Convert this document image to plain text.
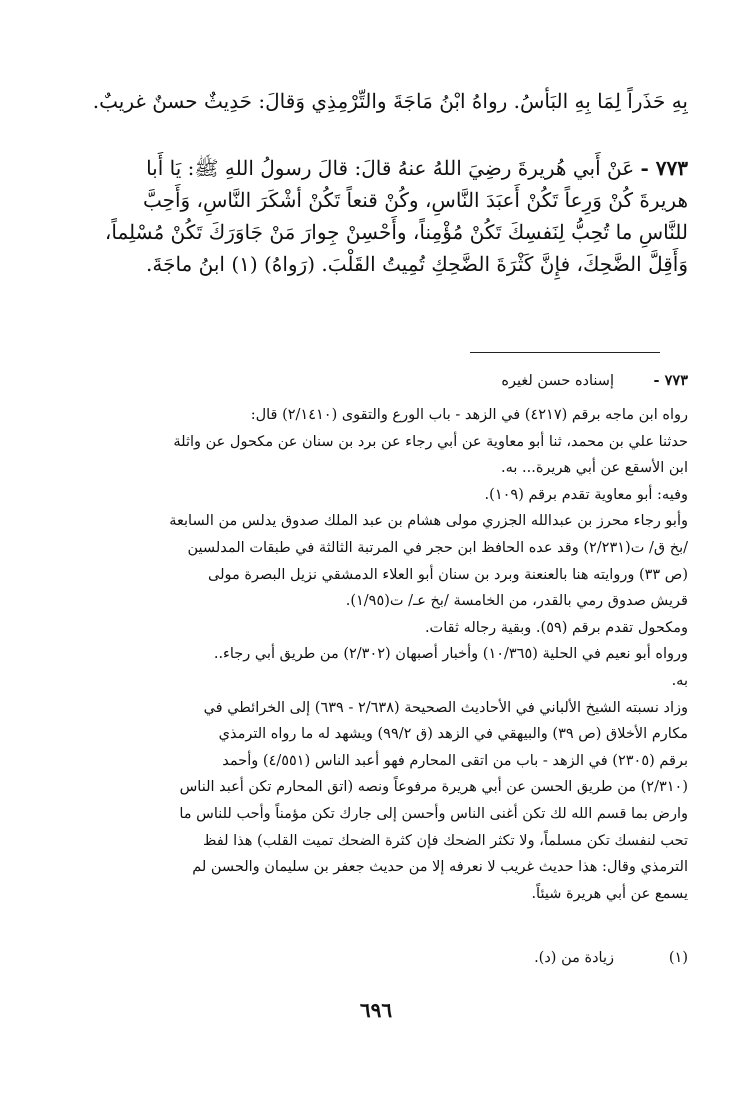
بِهِ حَذَراً لِمَا بِهِ البَأْسُ. رواهُ ابْنُ مَاجَةَ والتِّرْمِذِي وَقالَ: حَدِيثٌ حسنٌ غريبٌ.

٧٧٣ - عَنْ أَبي هُريرةَ رضِيَ اللهُ عنهُ قالَ: قالَ رسولُ اللهِ ﷺ: يَا أَبا

هريرةَ كُنْ وَرِعاً تَكُنْ أَعبَدَ النَّاسِ، وكُنْ قنعاً تَكُنْ أشْكَرَ النَّاسِ، وَأَحِبَّ

للنَّاسِ ما تُحِبُّ لِنَفسِكَ تَكُنْ مُؤْمِناً، وأَحْسِنْ جِوارَ مَنْ جَاوَرَكَ تَكُنْ مُسْلِماً،

وَأَقِلَّ الضَّحِكَ، فإِنَّ كَثْرَةَ الضَّحِكِ تُمِيتُ القَلْبَ. (رَواهُ) (١) ابنُ ماجَةَ.

٧٧٣ -إسناده حسن لغيره

رواه ابن ماجه برقم (٤٢١٧) في الزهد - باب الورع والتقوى (٢/١٤١٠) قال:

حدثنا علي بن محمد، ثنا أبو معاوية عن أبي رجاء عن برد بن سنان عن مكحول عن واثلة

ابن الأسقع عن أبي هريرة... به.

وفيه: أبو معاوية تقدم برقم (١٠٩).

وأبو رجاء محرز بن عبدالله الجزري مولى هشام بن عبد الملك صدوق يدلس من السابعة

/بخ ق/ ت(٢/٢٣١) وقد عده الحافظ ابن حجر في المرتبة الثالثة في طبقات المدلسين

(ص ٣٣) وروايته هنا بالعنعنة وبرد بن سنان أبو العلاء الدمشقي نزيل البصرة مولى

قريش صدوق رمي بالقدر، من الخامسة /بخ عـ/ ت(١/٩٥).

ومكحول تقدم برقم (٥٩). وبقية رجاله ثقات.

ورواه أبو نعيم في الحلية (١٠/٣٦٥) وأخبار أصبهان (٢/٣٠٢) من طريق أبي رجاء..

به.

وزاد نسبته الشيخ الألباني في الأحاديث الصحيحة (٢/٦٣٨ - ٦٣٩) إلى الخرائطي في

مكارم الأخلاق (ص ٣٩) والبيهقي في الزهد (ق ٩٩/٢) ويشهد له ما رواه الترمذي

برقم (٢٣٠٥) في الزهد - باب من اتقى المحارم فهو أعبد الناس (٤/٥٥١) وأحمد

(٢/٣١٠) من طريق الحسن عن أبي هريرة مرفوعاً ونصه (اتق المحارم تكن أعبد الناس

وارض بما قسم الله لك تكن أغنى الناس وأحسن إلى جارك تكن مؤمناً وأحب للناس ما

تحب لنفسك تكن مسلماً، ولا تكثر الضحك فإن كثرة الضحك تميت القلب) هذا لفظ

الترمذي وقال: هذا حديث غريب لا نعرفه إلا من حديث جعفر بن سليمان والحسن لم

يسمع عن أبي هريرة شيئاً.

(١)زيادة من (د).
٦٩٦
